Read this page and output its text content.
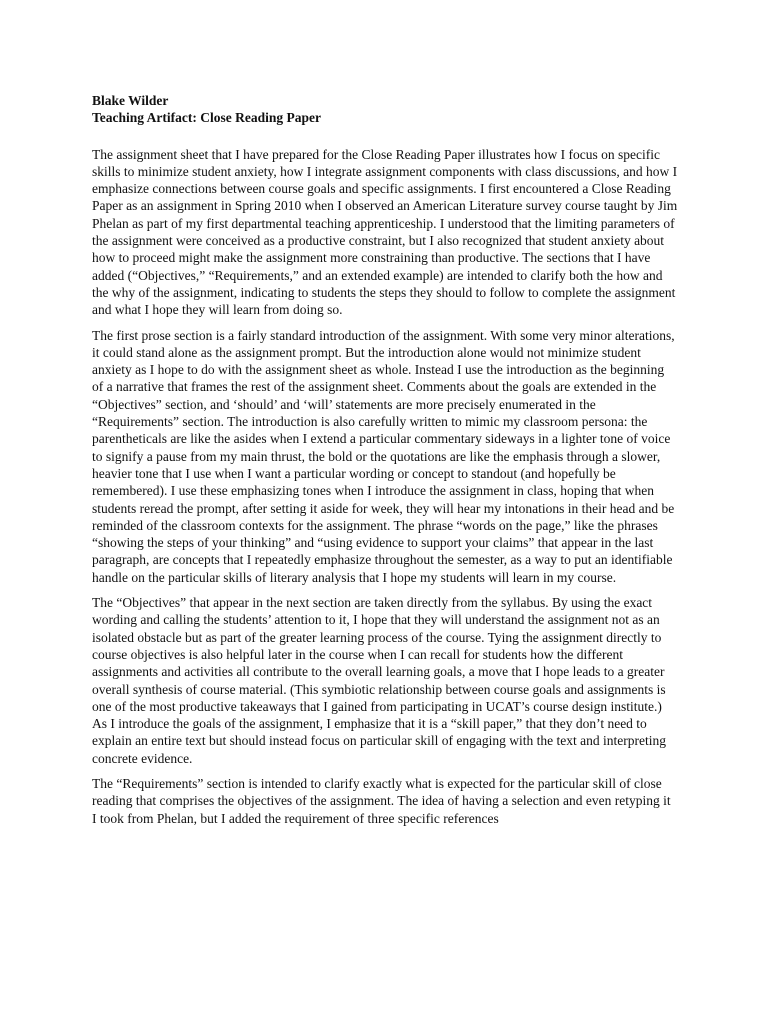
Blake Wilder

Teaching Artifact: Close Reading Paper

The assignment sheet that I have prepared for the Close Reading Paper illustrates how I focus on specific skills to minimize student anxiety, how I integrate assignment components with class discussions, and how I emphasize connections between course goals and specific assignments. I first encountered a Close Reading Paper as an assignment in Spring 2010 when I observed an American Literature survey course taught by Jim Phelan as part of my first departmental teaching apprenticeship. I understood that the limiting parameters of the assignment were conceived as a productive constraint, but I also recognized that student anxiety about how to proceed might make the assignment more constraining than productive. The sections that I have added (“Objectives,” “Requirements,” and an extended example) are intended to clarify both the how and the why of the assignment, indicating to students the steps they should to follow to complete the assignment and what I hope they will learn from doing so.

The first prose section is a fairly standard introduction of the assignment. With some very minor alterations, it could stand alone as the assignment prompt. But the introduction alone would not minimize student anxiety as I hope to do with the assignment sheet as whole. Instead I use the introduction as the beginning of a narrative that frames the rest of the assignment sheet. Comments about the goals are extended in the “Objectives” section, and ‘should’ and ‘will’ statements are more precisely enumerated in the “Requirements” section. The introduction is also carefully written to mimic my classroom persona: the parentheticals are like the asides when I extend a particular commentary sideways in a lighter tone of voice to signify a pause from my main thrust, the bold or the quotations are like the emphasis through a slower, heavier tone that I use when I want a particular wording or concept to standout (and hopefully be remembered). I use these emphasizing tones when I introduce the assignment in class, hoping that when students reread the prompt, after setting it aside for week, they will hear my intonations in their head and be reminded of the classroom contexts for the assignment. The phrase “words on the page,” like the phrases “showing the steps of your thinking” and “using evidence to support your claims” that appear in the last paragraph, are concepts that I repeatedly emphasize throughout the semester, as a way to put an identifiable handle on the particular skills of literary analysis that I hope my students will learn in my course.

The “Objectives” that appear in the next section are taken directly from the syllabus. By using the exact wording and calling the students’ attention to it, I hope that they will understand the assignment not as an isolated obstacle but as part of the greater learning process of the course. Tying the assignment directly to course objectives is also helpful later in the course when I can recall for students how the different assignments and activities all contribute to the overall learning goals, a move that I hope leads to a greater overall synthesis of course material. (This symbiotic relationship between course goals and assignments is one of the most productive takeaways that I gained from participating in UCAT’s course design institute.) As I introduce the goals of the assignment, I emphasize that it is a “skill paper,” that they don’t need to explain an entire text but should instead focus on particular skill of engaging with the text and interpreting concrete evidence.

The “Requirements” section is intended to clarify exactly what is expected for the particular skill of close reading that comprises the objectives of the assignment. The idea of having a selection and even retyping it I took from Phelan, but I added the requirement of three specific references
